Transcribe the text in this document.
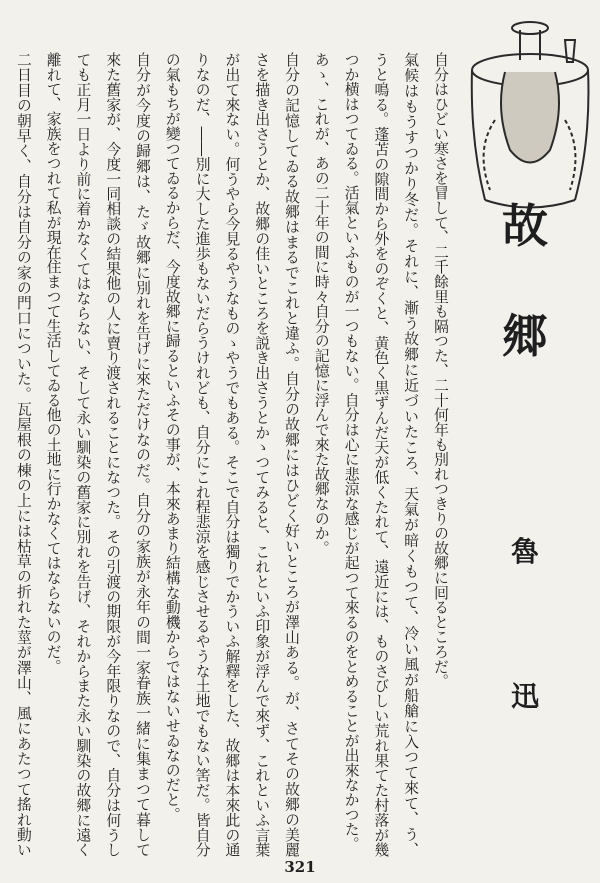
故
郷
魯
迅
自分はひどい寒さを冒して、二千餘里も隔つた、二十何年も別れつきりの故郷に囘るところだ。
氣候はもうすつかり冬だ。それに、漸う故郷に近づいたころ、天氣が暗くもつて、冷い風が船艙に入つて來て、う、
うと鳴る。蓬苫の隙間から外をのぞくと、黄色く黒ずんだ天が低くたれて、遠近には、ものさびしい荒れ果てた村落が幾
つか横はつてゐる。活氣といふものが一つもない。自分は心に悲涼な感じが起つて來るのをとめることが出來なかつた。
あゝ、これが、あの二十年の間に時々自分の記憶に浮んで來た故郷なのか。
自分の記憶してゐる故郷はまるでこれと違ふ。自分の故郷にはひどく好いところが澤山ある。が、さてその故郷の美麗
さを描き出さうとか、故郷の佳いところを説き出さうとかゝつてみると、これといふ印象が浮んで來ず、これといふ言葉
が出て來ない。何うやら今見るやうなものゝやうでもある。そこで自分は獨りでかういふ解釋をした、故郷は本來此の通
りなのだ、――別に大した進歩もないだらうけれども、自分にこれ程悲涼を感じさせるやうな土地でもない筈だ。皆自分
の氣もちが變つてゐるからだ、今度故郷に歸るといふその事が、本來あまり結構な動機からではないせゐなのだと。
自分が今度の歸郷は、たゞ故郷に別れを告げに來ただけなのだ。自分の家族が永年の間一家眷族一緒に集まつて暮して
來た舊家が、今度一同相談の結果他の人に賣り渡されることになつた。その引渡の期限が今年限りなので、自分は何うし
ても正月一日より前に着かなくてはならない、そして永い馴染の舊家に別れを告げ、それからまた永い馴染の故郷に遠く
離れて、家族をつれて私が現在住まつて生活してゐる他の土地に行かなくてはならないのだ。
二日目の朝早く、自分は自分の家の門口についた。瓦屋根の棟の上には枯草の折れた莖が澤山、風にあたつて搖れ動い
321
